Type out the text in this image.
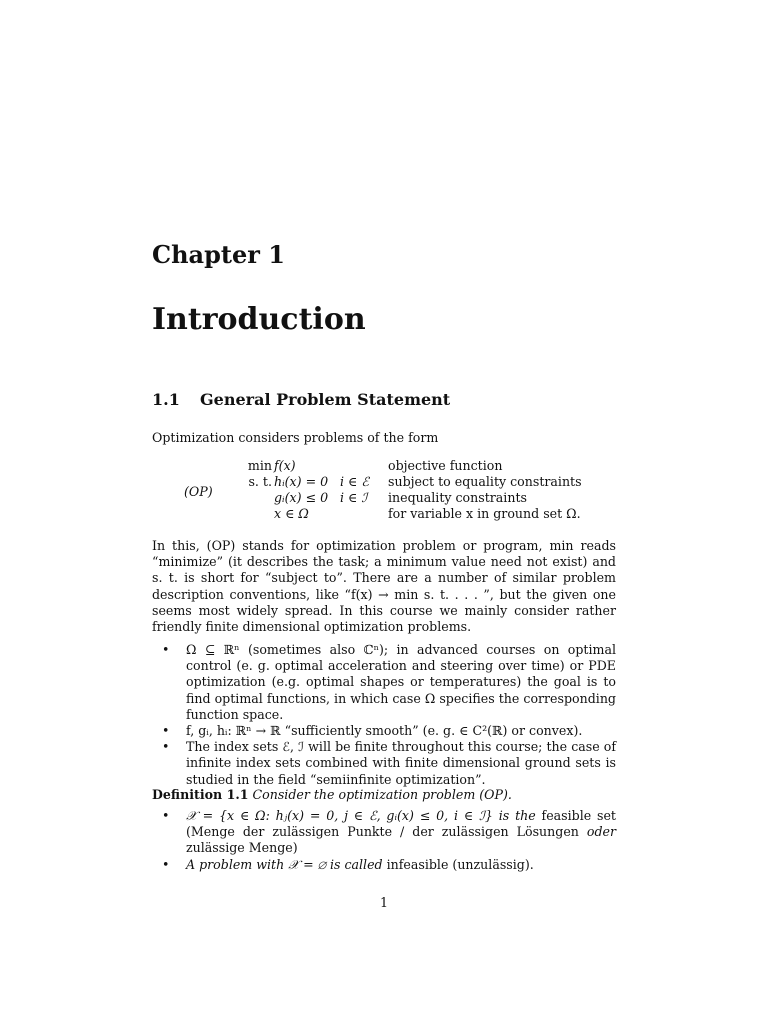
Chapter 1
Introduction
1.1 General Problem Statement
Optimization considers problems of the form
(OP)
min f(x)	objective function
s. t. hᵢ(x) = 0 i ∈ ℰ subject to equality constraints
gᵢ(x) ≤ 0 i ∈ ℐ inequality constraints
x ∈ Ω	for variable x in ground set Ω.
In this, (OP) stands for optimization problem or program, min reads “minimize” (it describes the task; a minimum value need not exist) and s. t. is short for “subject to”. There are a number of similar problem description conventions, like “f(x) → min s. t. . . . ”, but the given one seems most widely spread. In this course we mainly consider rather friendly finite dimensional optimization problems.
• Ω ⊆ ℝⁿ (sometimes also ℂⁿ); in advanced courses on optimal control (e. g. optimal acceleration and steering over time) or PDE optimization (e.g. optimal shapes or temperatures) the goal is to find optimal functions, in which case Ω specifies the corresponding function space.
• f, gᵢ, hᵢ: ℝⁿ → ℝ “sufficiently smooth” (e. g. ∈ C²(ℝ) or convex).
• The index sets ℰ, ℐ will be finite throughout this course; the case of infinite index sets combined with finite dimensional ground sets is studied in the field “semiinfinite optimization”.
Definition 1.1 Consider the optimization problem (OP).
• 𝒳 = {x ∈ Ω: hⱼ(x) = 0, j ∈ ℰ, gᵢ(x) ≤ 0, i ∈ ℐ} is the feasible set (Menge der zulässigen Punkte / der zulässigen Lösungen oder zulässige Menge)
• A problem with 𝒳 = ∅ is called infeasible (unzulässig).
1
